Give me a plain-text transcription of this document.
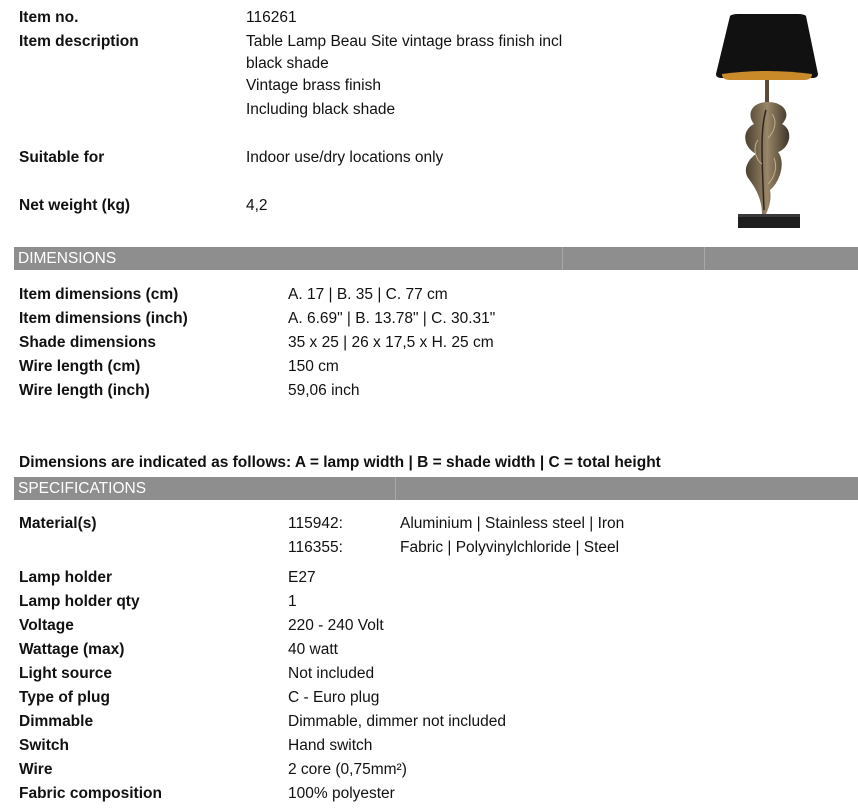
Item no.	116261
Item description	Table Lamp Beau Site vintage brass finish incl
black shade
Vintage brass finish
Including black shade
Suitable for	Indoor use/dry locations only
Net weight (kg)	4,2
DIMENSIONS
Item dimensions (cm)	A. 17 | B. 35 | C. 77 cm
Item dimensions (inch)	A. 6.69" | B. 13.78" | C. 30.31"
Shade dimensions	35 x 25 | 26 x 17,5 x H. 25 cm
Wire length (cm)	150 cm
Wire length (inch)	59,06 inch
Dimensions are indicated as follows: A = lamp width | B = shade width | C = total height
SPECIFICATIONS
Material(s)	115942:	Aluminium | Stainless steel | Iron
116355:	Fabric | Polyvinylchloride | Steel
Lamp holder	E27
Lamp holder qty	1
Voltage	220 - 240 Volt
Wattage (max)	40 watt
Light source	Not included
Type of plug	C - Euro plug
Dimmable	Dimmable, dimmer not included
Switch	Hand switch
Wire	2 core (0,75mm²)
Fabric composition	100% polyester
